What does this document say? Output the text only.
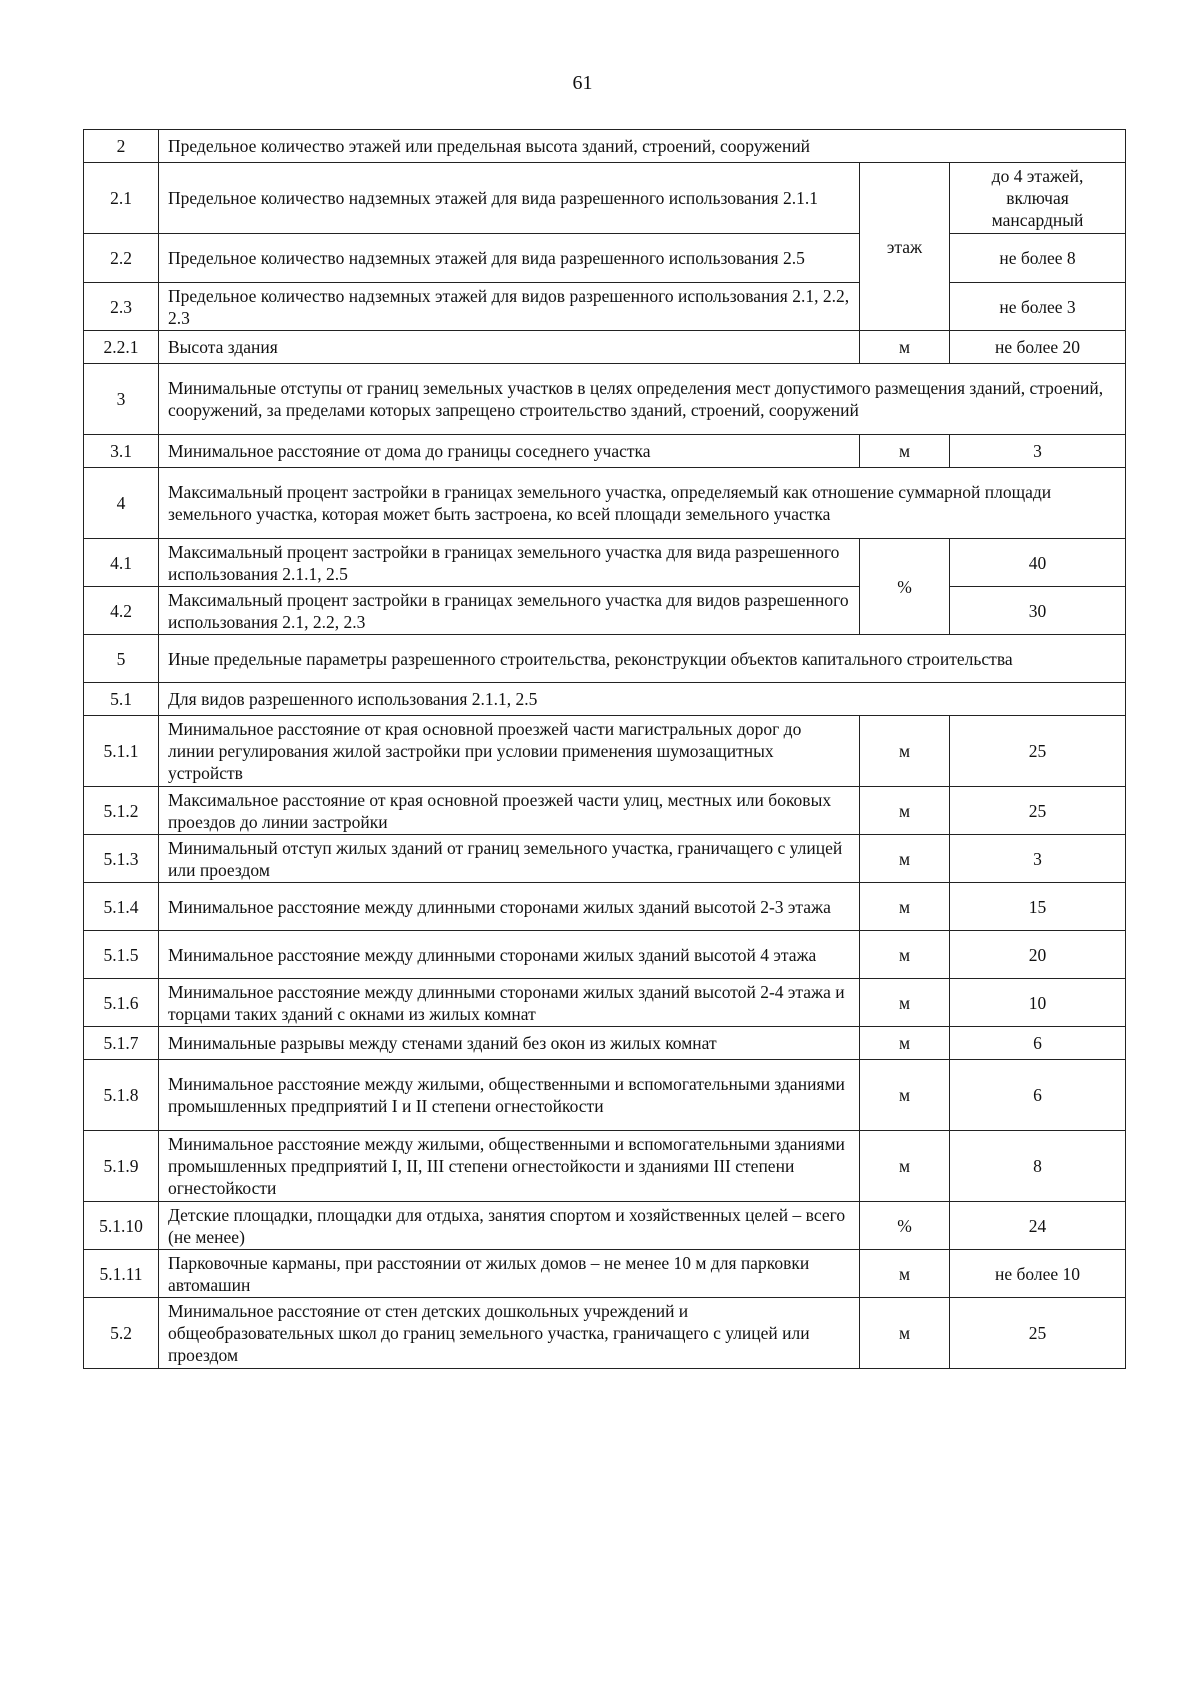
61
2	Предельное количество этажей или предельная высота зданий, строений, сооружений		
2.1	Предельное количество надземных этажей для вида разрешенного использования 2.1.1	этаж	до 4 этажей, включая мансардный
2.2	Предельное количество надземных этажей для вида разрешенного использования 2.5		не более 8
2.3	Предельное количество надземных этажей для видов разрешенного использования 2.1, 2.2, 2.3		не более 3
2.2.1	Высота здания	м	не более 20
3	Минимальные отступы от границ земельных участков в целях определения мест допустимого размещения зданий, строений, сооружений, за пределами которых запрещено строительство зданий, строений, сооружений		
3.1	Минимальное расстояние от дома до границы соседнего участка	м	3
4	Максимальный процент застройки в границах земельного участка, определяемый как отношение суммарной площади земельного участка, которая может быть застроена, ко всей площади земельного участка		
4.1	Максимальный процент застройки в границах земельного участка для вида разрешенного использования 2.1.1, 2.5	%	40
4.2	Максимальный процент застройки в границах земельного участка для видов разрешенного использования 2.1, 2.2, 2.3		30
5	Иные предельные параметры разрешенного строительства, реконструкции объектов капитального строительства		
5.1	Для видов разрешенного использования 2.1.1, 2.5		
5.1.1	Минимальное расстояние от края основной проезжей части магистральных дорог до линии регулирования жилой застройки при условии применения шумозащитных устройств	м	25
5.1.2	Максимальное расстояние от края основной проезжей части улиц, местных или боковых проездов до линии застройки	м	25
5.1.3	Минимальный отступ жилых зданий от границ земельного участка, граничащего с улицей или проездом	м	3
5.1.4	Минимальное расстояние между длинными сторонами жилых зданий высотой 2-3 этажа	м	15
5.1.5	Минимальное расстояние между длинными сторонами жилых зданий высотой 4 этажа	м	20
5.1.6	Минимальное расстояние между длинными сторонами жилых зданий высотой 2-4 этажа и торцами таких зданий с окнами из жилых комнат	м	10
5.1.7	Минимальные разрывы между стенами зданий без окон из жилых комнат	м	6
5.1.8	Минимальное расстояние между жилыми, общественными и вспомогательными зданиями промышленных предприятий I и II степени огнестойкости	м	6
5.1.9	Минимальное расстояние между жилыми, общественными и вспомогательными зданиями промышленных предприятий I, II, III степени огнестойкости и зданиями III степени огнестойкости	м	8
5.1.10	Детские площадки, площадки для отдыха, занятия спортом и хозяйственных целей – всего (не менее)	%	24
5.1.11	Парковочные карманы, при расстоянии от жилых домов – не менее 10 м для парковки автомашин	м	не более 10
5.2	Минимальное расстояние от стен детских дошкольных учреждений и общеобразовательных школ до границ земельного участка, граничащего с улицей или проездом	м	25
